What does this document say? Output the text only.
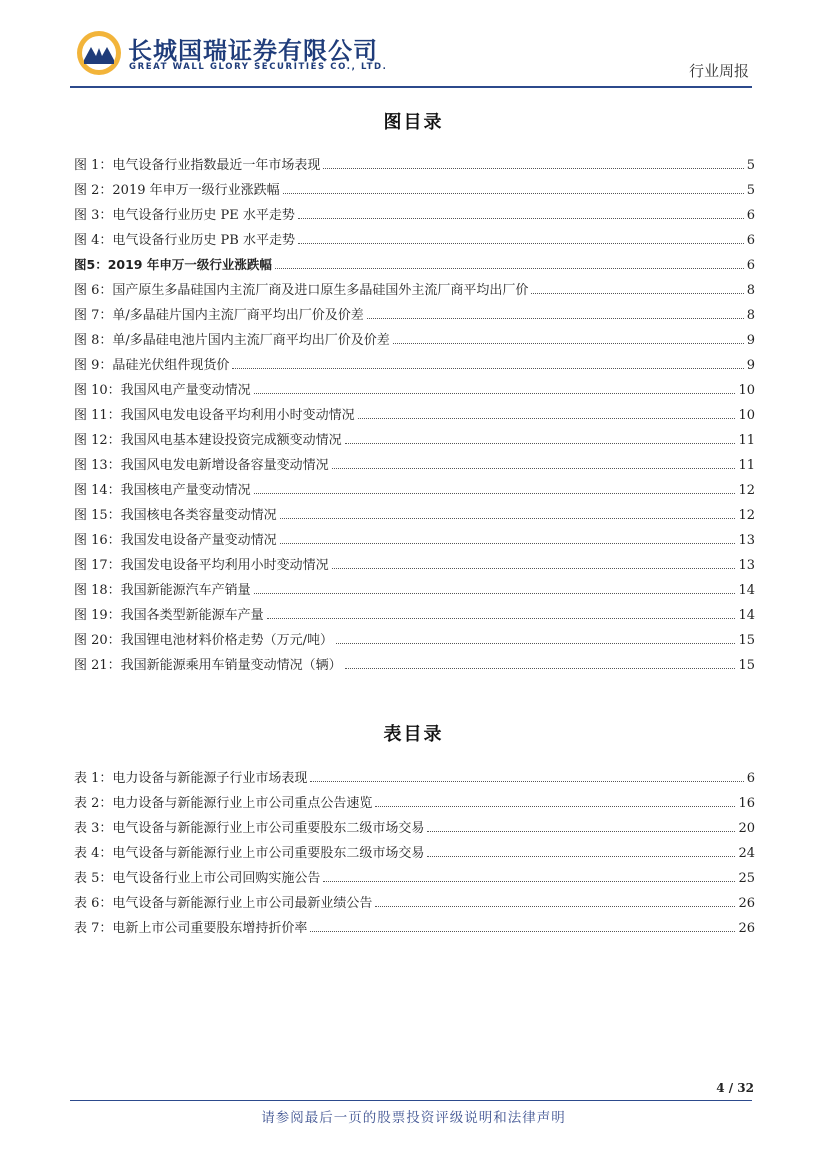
长城国瑞证券有限公司
GREAT WALL GLORY SECURITIES CO., LTD.	行业周报
图目录
图 1：电气设备行业指数最近一年市场表现	5
图 2：2019 年申万一级行业涨跌幅	5
图 3：电气设备行业历史 PE 水平走势	6
图 4：电气设备行业历史 PB 水平走势	6
图5：2019 年申万一级行业涨跌幅	6
图 6：国产原生多晶硅国内主流厂商及进口原生多晶硅国外主流厂商平均出厂价	8
图 7：单/多晶硅片国内主流厂商平均出厂价及价差	8
图 8：单/多晶硅电池片国内主流厂商平均出厂价及价差	9
图 9：晶硅光伏组件现货价	9
图 10：我国风电产量变动情况	10
图 11：我国风电发电设备平均利用小时变动情况	10
图 12：我国风电基本建设投资完成额变动情况	11
图 13：我国风电发电新增设备容量变动情况	11
图 14：我国核电产量变动情况	12
图 15：我国核电各类容量变动情况	12
图 16：我国发电设备产量变动情况	13
图 17：我国发电设备平均利用小时变动情况	13
图 18：我国新能源汽车产销量	14
图 19：我国各类型新能源车产量	14
图 20：我国锂电池材料价格走势（万元/吨）	15
图 21：我国新能源乘用车销量变动情况（辆）	15
表目录
表 1：电力设备与新能源子行业市场表现	6
表 2：电力设备与新能源行业上市公司重点公告速览	16
表 3：电气设备与新能源行业上市公司重要股东二级市场交易	20
表 4：电气设备与新能源行业上市公司重要股东二级市场交易	24
表 5：电气设备行业上市公司回购实施公告	25
表 6：电气设备与新能源行业上市公司最新业绩公告	26
表 7：电新上市公司重要股东增持折价率	26
4 / 32
请参阅最后一页的股票投资评级说明和法律声明
